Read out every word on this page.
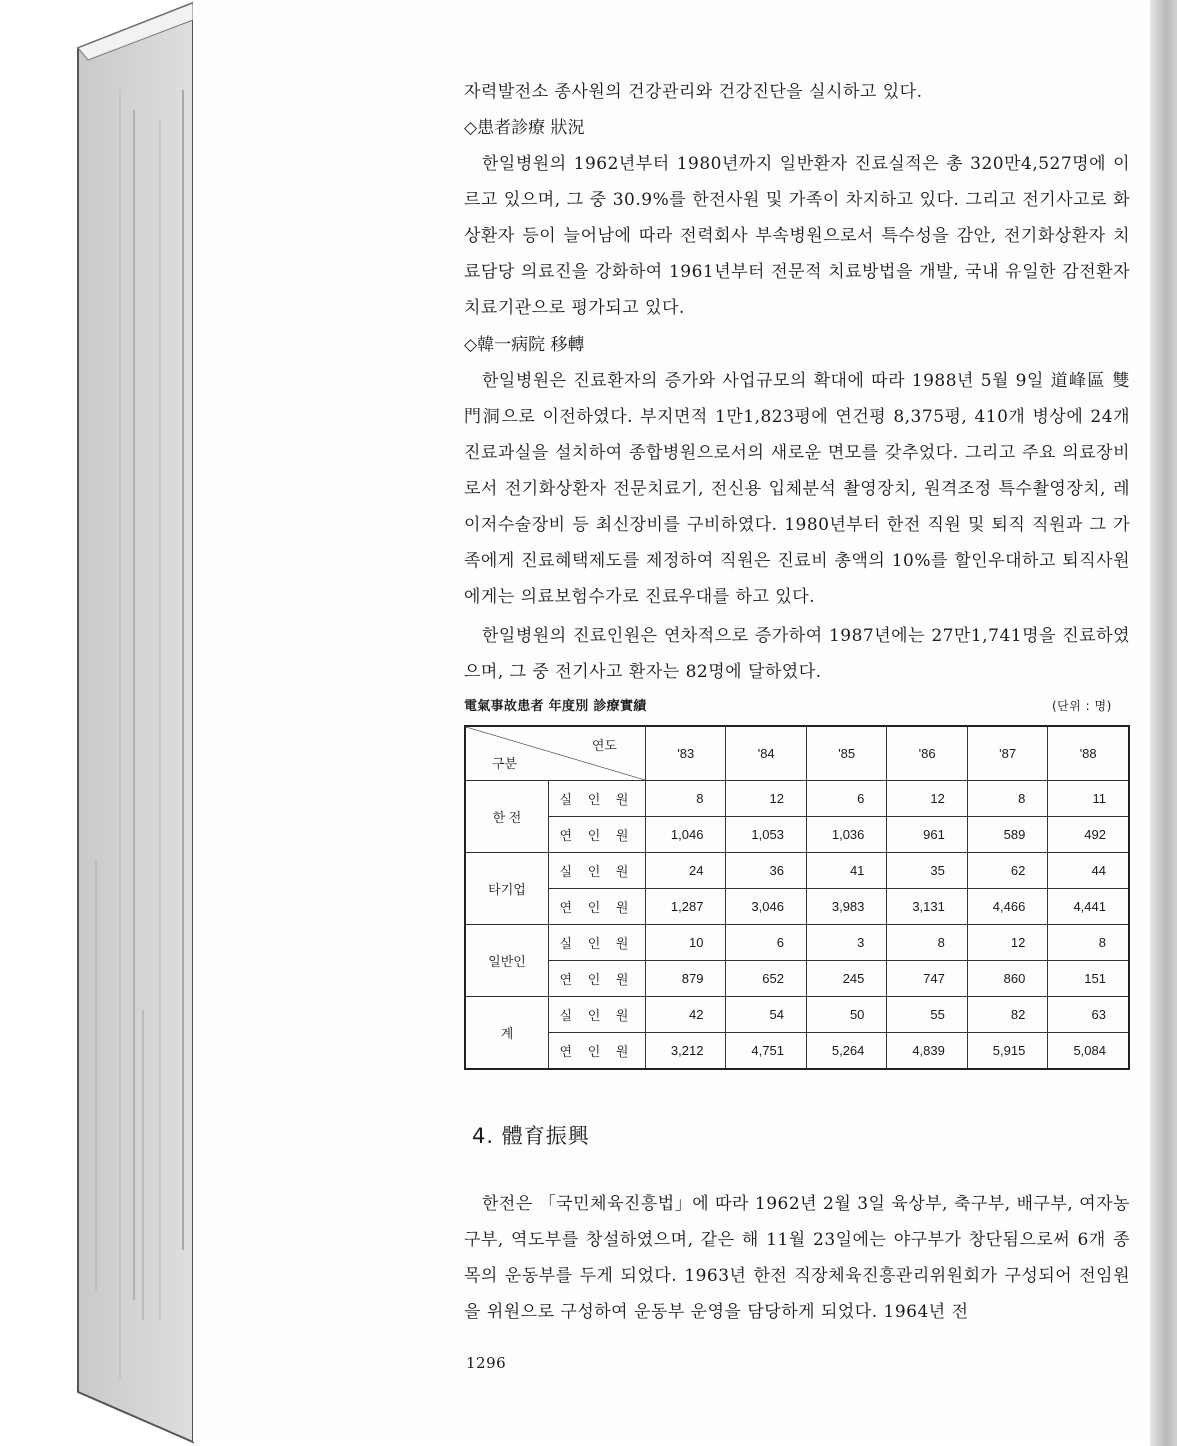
자력발전소 종사원의 건강관리와 건강진단을 실시하고 있다.

◇患者診療 狀況

한일병원의 1962년부터 1980년까지 일반환자 진료실적은 총 320만4,527명에 이르고 있으며, 그 중 30.9%를 한전사원 및 가족이 차지하고 있다. 그리고 전기사고로 화상환자 등이 늘어남에 따라 전력회사 부속병원으로서 특수성을 감안, 전기화상환자 치료담당 의료진을 강화하여 1961년부터 전문적 치료방법을 개발, 국내 유일한 감전환자 치료기관으로 평가되고 있다.

◇韓一病院 移轉

한일병원은 진료환자의 증가와 사업규모의 확대에 따라 1988년 5월 9일 道峰區 雙門洞으로 이전하였다. 부지면적 1만1,823평에 연건평 8,375평, 410개 병상에 24개 진료과실을 설치하여 종합병원으로서의 새로운 면모를 갖추었다. 그리고 주요 의료장비로서 전기화상환자 전문치료기, 전신용 입체분석 촬영장치, 원격조정 특수촬영장치, 레이저수술장비 등 최신장비를 구비하였다. 1980년부터 한전 직원 및 퇴직 직원과 그 가족에게 진료혜택제도를 제정하여 직원은 진료비 총액의 10%를 할인우대하고 퇴직사원에게는 의료보험수가로 진료우대를 하고 있다.

한일병원의 진료인원은 연차적으로 증가하여 1987년에는 27만1,741명을 진료하였으며, 그 중 전기사고 환자는 82명에 달하였다.

電氣事故患者 年度別 診療實績	(단위 : 명)
연도
구분		'83	'84	'85	'86	'87	'88
한 전	실 인 원	8	12	6	12	8	11
	연 인 원	1,046	1,053	1,036	961	589	492
타기업	실 인 원	24	36	41	35	62	44
	연 인 원	1,287	3,046	3,983	3,131	4,466	4,441
일반인	실 인 원	10	6	3	8	12	8
	연 인 원	879	652	245	747	860	151
계	실 인 원	42	54	50	55	82	63
	연 인 원	3,212	4,751	5,264	4,839	5,915	5,084
4. 體育振興

한전은 「국민체육진흥법」에 따라 1962년 2월 3일 육상부, 축구부, 배구부, 여자농구부, 역도부를 창설하였으며, 같은 해 11월 23일에는 야구부가 창단됨으로써 6개 종목의 운동부를 두게 되었다. 1963년 한전 직장체육진흥관리위원회가 구성되어 전임원을 위원으로 구성하여 운동부 운영을 담당하게 되었다. 1964년 전

1296
